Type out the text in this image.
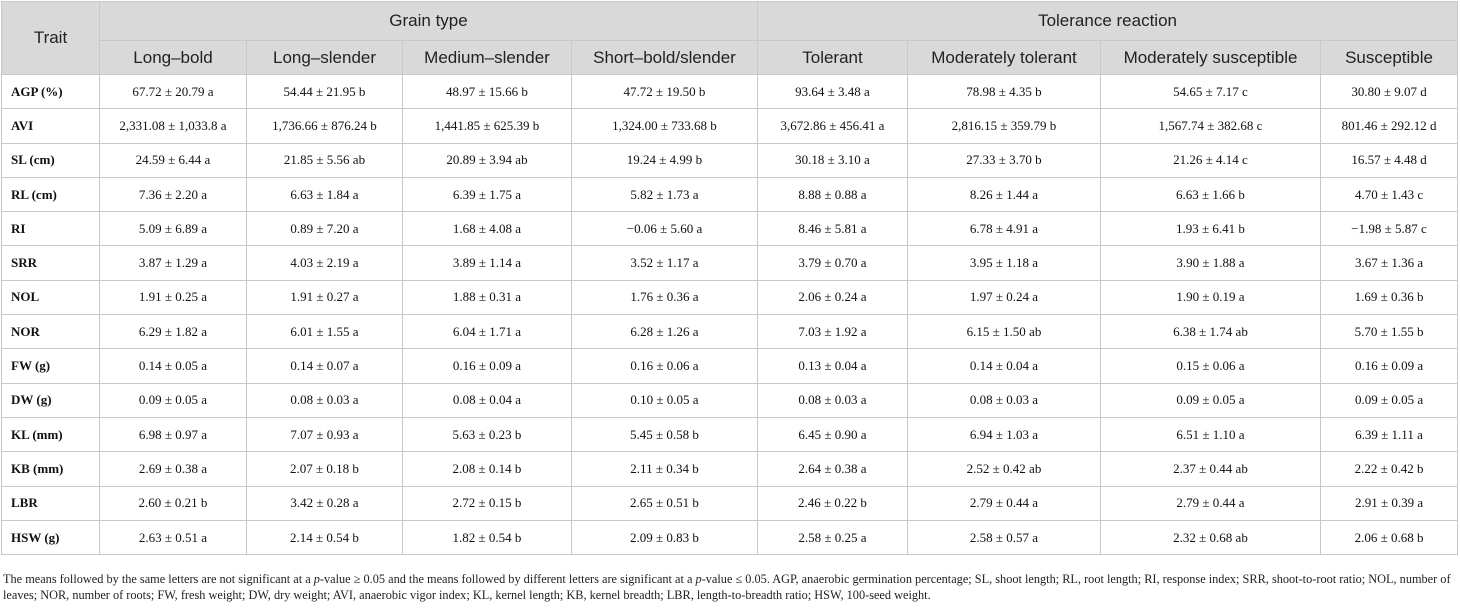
Trait	Grain type				Tolerance reaction			
	Long–bold	Long–slender	Medium–slender	Short–bold/slender	Tolerant	Moderately tolerant	Moderately susceptible	Susceptible
AGP (%)	67.72 ± 20.79 a	54.44 ± 21.95 b	48.97 ± 15.66 b	47.72 ± 19.50 b	93.64 ± 3.48 a	78.98 ± 4.35 b	54.65 ± 7.17 c	30.80 ± 9.07 d
AVI	2,331.08 ± 1,033.8 a	1,736.66 ± 876.24 b	1,441.85 ± 625.39 b	1,324.00 ± 733.68 b	3,672.86 ± 456.41 a	2,816.15 ± 359.79 b	1,567.74 ± 382.68 c	801.46 ± 292.12 d
SL (cm)	24.59 ± 6.44 a	21.85 ± 5.56 ab	20.89 ± 3.94 ab	19.24 ± 4.99 b	30.18 ± 3.10 a	27.33 ± 3.70 b	21.26 ± 4.14 c	16.57 ± 4.48 d
RL (cm)	7.36 ± 2.20 a	6.63 ± 1.84 a	6.39 ± 1.75 a	5.82 ± 1.73 a	8.88 ± 0.88 a	8.26 ± 1.44 a	6.63 ± 1.66 b	4.70 ± 1.43 c
RI	5.09 ± 6.89 a	0.89 ± 7.20 a	1.68 ± 4.08 a	−0.06 ± 5.60 a	8.46 ± 5.81 a	6.78 ± 4.91 a	1.93 ± 6.41 b	−1.98 ± 5.87 c
SRR	3.87 ± 1.29 a	4.03 ± 2.19 a	3.89 ± 1.14 a	3.52 ± 1.17 a	3.79 ± 0.70 a	3.95 ± 1.18 a	3.90 ± 1.88 a	3.67 ± 1.36 a
NOL	1.91 ± 0.25 a	1.91 ± 0.27 a	1.88 ± 0.31 a	1.76 ± 0.36 a	2.06 ± 0.24 a	1.97 ± 0.24 a	1.90 ± 0.19 a	1.69 ± 0.36 b
NOR	6.29 ± 1.82 a	6.01 ± 1.55 a	6.04 ± 1.71 a	6.28 ± 1.26 a	7.03 ± 1.92 a	6.15 ± 1.50 ab	6.38 ± 1.74 ab	5.70 ± 1.55 b
FW (g)	0.14 ± 0.05 a	0.14 ± 0.07 a	0.16 ± 0.09 a	0.16 ± 0.06 a	0.13 ± 0.04 a	0.14 ± 0.04 a	0.15 ± 0.06 a	0.16 ± 0.09 a
DW (g)	0.09 ± 0.05 a	0.08 ± 0.03 a	0.08 ± 0.04 a	0.10 ± 0.05 a	0.08 ± 0.03 a	0.08 ± 0.03 a	0.09 ± 0.05 a	0.09 ± 0.05 a
KL (mm)	6.98 ± 0.97 a	7.07 ± 0.93 a	5.63 ± 0.23 b	5.45 ± 0.58 b	6.45 ± 0.90 a	6.94 ± 1.03 a	6.51 ± 1.10 a	6.39 ± 1.11 a
KB (mm)	2.69 ± 0.38 a	2.07 ± 0.18 b	2.08 ± 0.14 b	2.11 ± 0.34 b	2.64 ± 0.38 a	2.52 ± 0.42 ab	2.37 ± 0.44 ab	2.22 ± 0.42 b
LBR	2.60 ± 0.21 b	3.42 ± 0.28 a	2.72 ± 0.15 b	2.65 ± 0.51 b	2.46 ± 0.22 b	2.79 ± 0.44 a	2.79 ± 0.44 a	2.91 ± 0.39 a
HSW (g)	2.63 ± 0.51 a	2.14 ± 0.54 b	1.82 ± 0.54 b	2.09 ± 0.83 b	2.58 ± 0.25 a	2.58 ± 0.57 a	2.32 ± 0.68 ab	2.06 ± 0.68 b
The means followed by the same letters are not significant at a p-value ≥ 0.05 and the means followed by different letters are significant at a p-value ≤ 0.05. AGP, anaerobic germination percentage; SL, shoot length; RL, root length; RI, response index; SRR, shoot-to-root ratio; NOL, number of leaves; NOR, number of roots; FW, fresh weight; DW, dry weight; AVI, anaerobic vigor index; KL, kernel length; KB, kernel breadth; LBR, length-to-breadth ratio; HSW, 100-seed weight.
